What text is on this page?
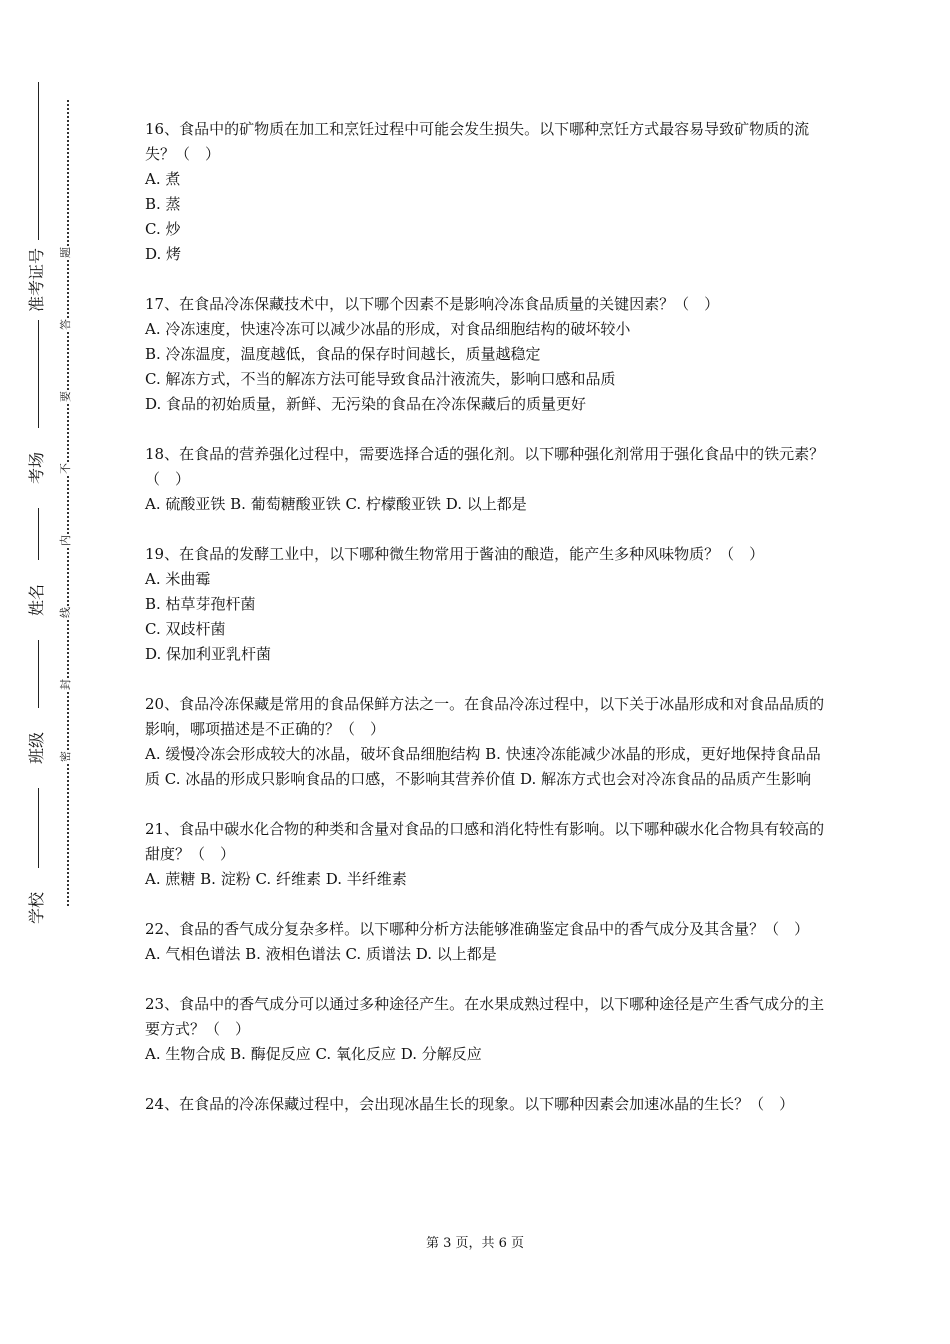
准考证号
考场
姓名
班级
学校
题
答
要
不
内
线
封
密

16、食品中的矿物质在加工和烹饪过程中可能会发生损失。以下哪种烹饪方式最容易导致矿物质的流失？（　）

A. 煮

B. 蒸

C. 炒

D. 烤

17、在食品冷冻保藏技术中，以下哪个因素不是影响冷冻食品质量的关键因素？（　）

A. 冷冻速度，快速冷冻可以减少冰晶的形成，对食品细胞结构的破坏较小

B. 冷冻温度，温度越低，食品的保存时间越长，质量越稳定

C. 解冻方式，不当的解冻方法可能导致食品汁液流失，影响口感和品质

D. 食品的初始质量，新鲜、无污染的食品在冷冻保藏后的质量更好

18、在食品的营养强化过程中，需要选择合适的强化剂。以下哪种强化剂常用于强化食品中的铁元素？（　）

A. 硫酸亚铁 B. 葡萄糖酸亚铁 C. 柠檬酸亚铁 D. 以上都是

19、在食品的发酵工业中，以下哪种微生物常用于酱油的酿造，能产生多种风味物质？（　）

A. 米曲霉

B. 枯草芽孢杆菌

C. 双歧杆菌

D. 保加利亚乳杆菌

20、食品冷冻保藏是常用的食品保鲜方法之一。在食品冷冻过程中，以下关于冰晶形成和对食品品质的影响，哪项描述是不正确的？（　）

A. 缓慢冷冻会形成较大的冰晶，破坏食品细胞结构 B. 快速冷冻能减少冰晶的形成，更好地保持食品品质 C. 冰晶的形成只影响食品的口感，不影响其营养价值 D. 解冻方式也会对冷冻食品的品质产生影响

21、食品中碳水化合物的种类和含量对食品的口感和消化特性有影响。以下哪种碳水化合物具有较高的甜度？（　）

A. 蔗糖 B. 淀粉 C. 纤维素 D. 半纤维素

22、食品的香气成分复杂多样。以下哪种分析方法能够准确鉴定食品中的香气成分及其含量？（　）

A. 气相色谱法 B. 液相色谱法 C. 质谱法 D. 以上都是

23、食品中的香气成分可以通过多种途径产生。在水果成熟过程中，以下哪种途径是产生香气成分的主要方式？（　）

A. 生物合成 B. 酶促反应 C. 氧化反应 D. 分解反应

24、在食品的冷冻保藏过程中，会出现冰晶生长的现象。以下哪种因素会加速冰晶的生长？（　）

第 3 页，共 6 页
